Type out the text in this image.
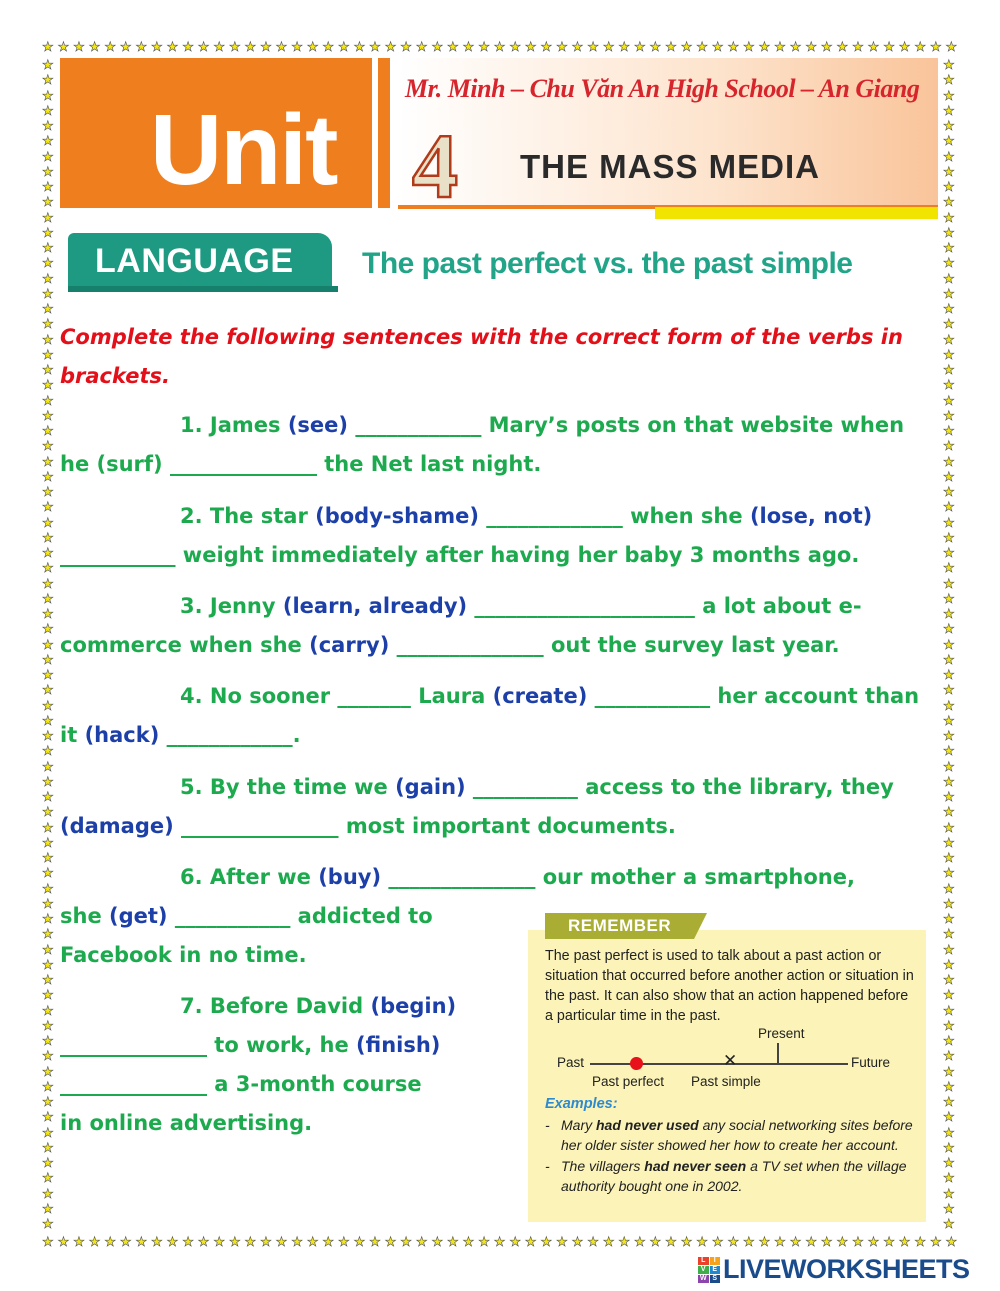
★ ★ ★ ★ ★ ★ ★ ★ ★ ★ ★ ★ ★ ★ ★ ★ ★ ★ ★ ★ ★ ★ ★ ★ ★ ★ ★ ★ ★ ★ ★ ★ ★ ★ ★ ★ ★ ★ ★ ★ ★ ★ ★ ★ ★ ★ ★ ★ ★ ★ ★ ★ ★ ★ ★ ★ ★ ★ ★
★ ★ ★ ★ ★ ★ ★ ★ ★ ★ ★ ★ ★ ★ ★ ★ ★ ★ ★ ★ ★ ★ ★ ★ ★ ★ ★ ★ ★ ★ ★ ★ ★ ★ ★ ★ ★ ★ ★ ★ ★ ★ ★ ★ ★ ★ ★ ★ ★ ★ ★ ★ ★ ★ ★ ★ ★ ★ ★
★
★
★
★
★
★
★
★
★
★
★
★
★
★
★
★
★
★
★
★
★
★
★
★
★
★
★
★
★
★
★
★
★
★
★
★
★
★
★
★
★
★
★
★
★
★
★
★
★
★
★
★
★
★
★
★
★
★
★
★
★
★
★
★
★
★
★
★
★
★
★
★
★
★
★
★
★
★
★
★
★
★
★
★
★
★
★
★
★
★
★
★
★
★
★
★
★
★
★
★
★
★
★
★
★
★
★
★
★
★
★
★
★
★
★
★
★
★
★
★
★
★
★
★
★
★
★
★
★
★
★
★
★
★
★
★
★
★
★
★
★
★
★
★
★
★
★
★
★
★
★
★
★
★
Unit
Mr. Minh – Chu Văn An High School – An Giang
4 THE MASS MEDIA
LANGUAGE The past perfect vs. the past simple
Complete the following sentences with the correct form of the verbs in brackets.
1. James (see) ____________ Mary’s posts on that website when he (surf) ______________ the Net last night.
2. The star (body-shame) _____________ when she (lose, not) ___________ weight immediately after having her baby 3 months ago.
3. Jenny (learn, already) _____________________ a lot about e-commerce when she (carry) ______________ out the survey last year.
4. No sooner _______ Laura (create) ___________ her account than it (hack) ____________.
5. By the time we (gain) __________ access to the library, they (damage) _______________ most important documents.
6. After we (buy) ______________ our mother a smartphone,
she (get) ___________ addicted to
Facebook in no time.
7. Before David (begin)
______________ to work, he (finish)
______________ a 3-month course
in online advertising.
REMEMBER
The past perfect is used to talk about a past action or situation that occurred before another action or situation in the past. It can also show that an action happened before a particular time in the past.
✕
Present
Past	Future
Past perfect Past simple
Examples:
- Mary had never used any social networking sites before her older sister showed her how to create her account.
- The villagers had never seen a TV set when the village authority bought one in 2002.
L	I
V E
W S LIVEWORKSHEETS
